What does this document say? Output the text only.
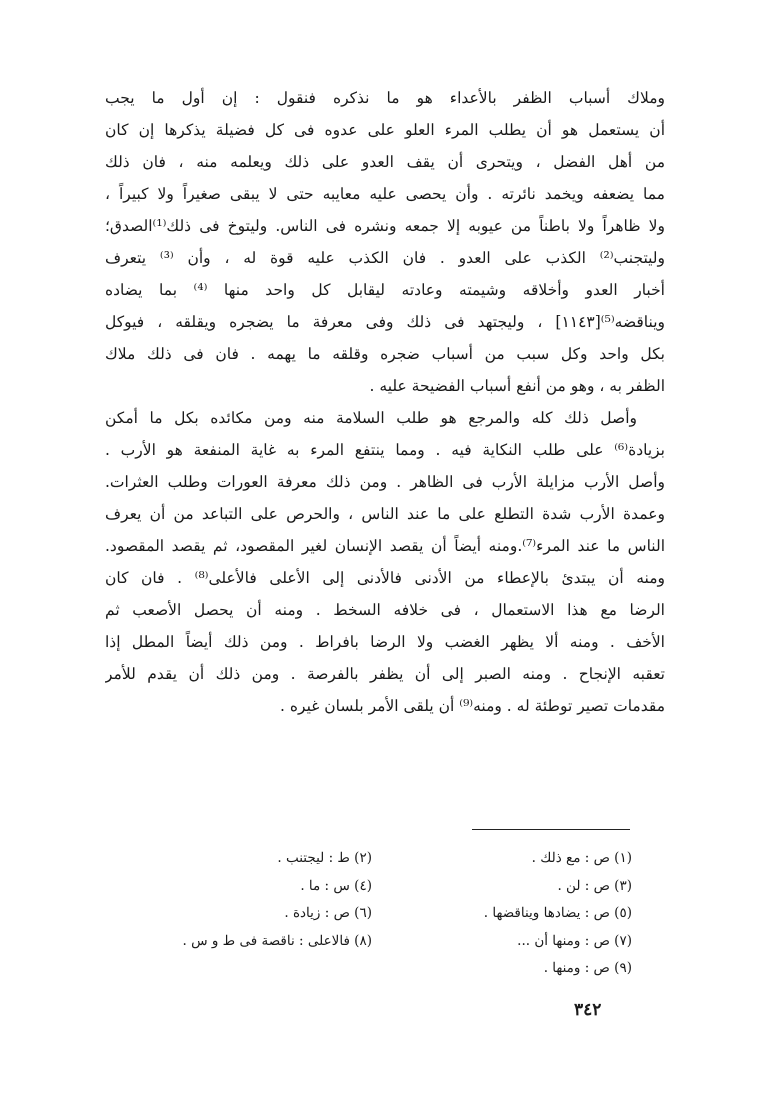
وملاك أسباب الظفر بالأعداء هو ما نذكره فنقول : إن أول ما يجب
أن يستعمل هو أن يطلب المرء العلو على عدوه فى كل فضيلة يذكرها إن كان
من أهل الفضل ، ويتحرى أن يقف العدو على ذلك ويعلمه منه ، فان ذلك
مما يضعفه ويخمد نائرته . وأن يحصى عليه معايبه حتى لا يبقى صغيراً ولا كبيراً ،
ولا ظاهراً ولا باطناً من عيوبه إلا جمعه ونشره فى الناس. وليتوخ فى ذلك⁽¹⁾الصدق؛
وليتجنب⁽²⁾ الكذب على العدو . فان الكذب عليه قوة له ، وأن ⁽³⁾ يتعرف
أخبار العدو وأخلاقه وشيمته وعادته ليقابل كل واحد منها ⁽⁴⁾ بما يضاده
ويناقضه⁽⁵⁾[١١٤٣] ، وليجتهد فى ذلك وفى معرفة ما يضجره ويقلقه ، فيوكل
بكل واحد وكل سبب من أسباب ضجره وقلقه ما يهمه . فان فى ذلك ملاك
الظفر به ، وهو من أنفع أسباب الفضيحة عليه .
وأصل ذلك كله والمرجع هو طلب السلامة منه ومن مكائده بكل ما أمكن
بزيادة⁽⁶⁾ على طلب النكاية فيه . ومما ينتفع المرء به غاية المنفعة هو الأرب .
وأصل الأرب مزايلة الأرب فى الظاهر . ومن ذلك معرفة العورات وطلب العثرات.
وعمدة الأرب شدة التطلع على ما عند الناس ، والحرص على التباعد من أن يعرف
الناس ما عند المرء⁽⁷⁾.ومنه أيضاً أن يقصد الإنسان لغير المقصود، ثم يقصد المقصود.
ومنه أن يبتدئ بالإعطاء من الأدنى فالأدنى إلى الأعلى فالأعلى⁽⁸⁾ . فان كان
الرضا مع هذا الاستعمال ، فى خلافه السخط . ومنه أن يحصل الأصعب ثم
الأخف . ومنه ألا يظهر الغضب ولا الرضا بافراط . ومن ذلك أيضاً المطل إذا
تعقبه الإنجاح . ومنه الصبر إلى أن يظفر بالفرصة . ومن ذلك أن يقدم للأمر
مقدمات تصير توطئة له . ومنه⁽⁹⁾ أن يلقى الأمر بلسان غيره .
(١) ص : مع ذلك .
(٢) ط : ليجتنب .
(٣) ص : لن .
(٤) س : ما .
(٥) ص : يضادها ويناقضها .
(٦) ص : زيادة .
(٧) ص : ومنها أن ...
(٨) فالاعلى : ناقصة فى ط و س .
(٩) ص : ومنها .
٣٤٢
